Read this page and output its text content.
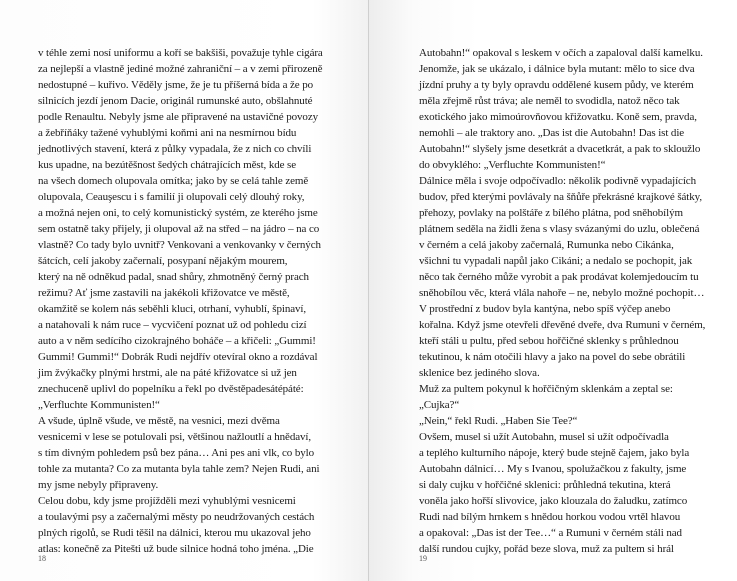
v téhle zemi nosí uniformu a koří se bakšiši, považuje tyhle cigára
za nejlepší a vlastně jediné možné zahraniční – a v zemi přirozeně
nedostupné – kuřivo. Věděly jsme, že je tu příšerná bída a že po
silnicích jezdí jenom Dacie, originál rumunské auto, obšlahnuté
podle Renaultu. Nebyly jsme ale připravené na ustavičné povozy
a žebříňáky tažené vyhublými koňmi ani na nesmírnou bídu
jednotlivých stavení, která z půlky vypadala, že z nich co chvíli
kus upadne, na bezútěšnost šedých chátrajících měst, kde se
na všech domech olupovala omítka; jako by se celá tahle země
olupovala, Ceauşescu i s familií ji olupovali celý dlouhý roky,
a možná nejen oni, to celý komunistický systém, ze kterého jsme
sem ostatně taky přijely, ji olupoval až na střed – na jádro – na co
vlastně? Co tady bylo uvnitř? Venkovani a venkovanky v černých
šátcích, celí jakoby začernalí, posypaní nějakým mourem,
který na ně odněkud padal, snad shůry, zhmotněný černý prach
režimu? Ať jsme zastavili na jakékoli křižovatce ve městě,
okamžitě se kolem nás seběhli kluci, otrhaní, vyhublí, špinaví,
a natahovali k nám ruce – vycvičení poznat už od pohledu cizí
auto a v něm sedícího cizokrajného boháče – a křičeli: „Gummi!
Gummi! Gummi!“ Dobrák Rudi nejdřív otevíral okno a rozdával
jim žvýkačky plnými hrstmi, ale na páté křižovatce si už jen
znechuceně uplivl do popelníku a řekl po dvěstěpadesátépáté:
„Verfluchte Kommunisten!“
A všude, úplně všude, ve městě, na vesnici, mezi dvěma
vesnicemi v lese se potulovali psi, většinou nažloutlí a hnědaví,
s tím divným pohledem psů bez pána… Ani pes ani vlk, co bylo
tohle za mutanta? Co za mutanta byla tahle zem? Nejen Rudi, ani
my jsme nebyly připraveny.
Celou dobu, kdy jsme projížděli mezi vyhublými vesnicemi
a toulavými psy a začernalými městy po neudržovaných cestách
plných rigolů, se Rudi těšil na dálnici, kterou mu ukazoval jeho
atlas: konečně za Pitešti už bude silnice hodná toho jména. „Die
18
Autobahn!“ opakoval s leskem v očích a zapaloval další kamelku.
Jenomže, jak se ukázalo, i dálnice byla mutant: mělo to sice dva
jízdní pruhy a ty byly opravdu oddělené kusem půdy, ve kterém
měla zřejmě růst tráva; ale neměl to svodidla, natož něco tak
exotického jako mimoúrovňovou křižovatku. Koně sem, pravda,
nemohli – ale traktory ano. „Das ist die Autobahn! Das ist die
Autobahn!“ slyšely jsme desetkrát a dvacetkrát, a pak to skloužlo
do obvyklého: „Verfluchte Kommunisten!“
Dálnice měla i svoje odpočívadlo: několik podivně vypadajících
budov, před kterými povlávaly na šňůře překrásné krajkové šátky,
přehozy, povlaky na polštáře z bílého plátna, pod sněhobílým
plátnem seděla na židli žena s vlasy svázanými do uzlu, oblečená
v černém a celá jakoby začernalá, Rumunka nebo Cikánka,
všichni tu vypadali napůl jako Cikáni; a nedalo se pochopit, jak
něco tak černého může vyrobit a pak prodávat kolemjedoucím tu
sněhobílou věc, která vlála nahoře – ne, nebylo možné pochopit…
V prostřední z budov byla kantýna, nebo spíš výčep anebo
kořalna. Když jsme otevřeli dřevěné dveře, dva Rumuni v černém,
kteří stáli u pultu, před sebou hořčičné sklenky s průhlednou
tekutinou, k nám otočili hlavy a jako na povel do sebe obrátili
sklenice bez jediného slova.
Muž za pultem pokynul k hořčičným sklenkám a zeptal se:
„Cujka?“
„Nein,“ řekl Rudi. „Haben Sie Tee?“
Ovšem, musel si užít Autobahn, musel si užít odpočívadla
a teplého kulturního nápoje, který bude stejně čajem, jako byla
Autobahn dálnicí… My s Ivanou, spolužačkou z fakulty, jsme
si daly cujku v hořčičné sklenici: průhledná tekutina, která
voněla jako hořší slivovice, jako klouzala do žaludku, zatímco
Rudi nad bílým hrnkem s hnědou horkou vodou vrtěl hlavou
a opakoval: „Das ist der Tee…“ a Rumuni v černém stáli nad
další rundou cujky, pořád beze slova, muž za pultem si hrál
19
